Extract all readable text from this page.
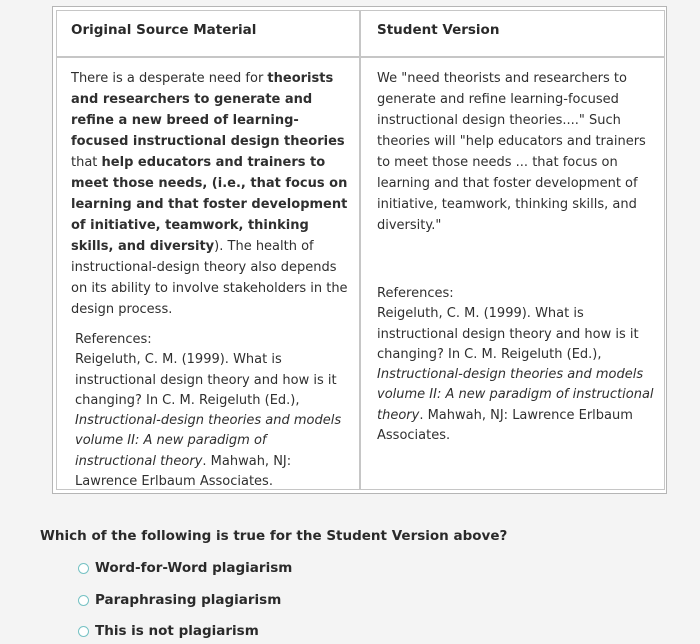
Original Source Material	Student Version
There is a desperate need for theorists and researchers to generate and refine a new breed of learning-focused instructional design theories that help educators and trainers to meet those needs, (i.e., that focus on learning and that foster development of initiative, teamwork, thinking skills, and diversity). The health of instructional-design theory also depends on its ability to involve stakeholders in the design process.
References:
Reigeluth, C. M. (1999). What is instructional design theory and how is it changing? In C. M. Reigeluth (Ed.), Instructional-design theories and models volume II: A new paradigm of instructional theory. Mahwah, NJ: Lawrence Erlbaum Associates.
We "need theorists and researchers to generate and refine learning-focused instructional design theories...." Such theories will "help educators and trainers to meet those needs ... that focus on learning and that foster development of initiative, teamwork, thinking skills, and diversity."
References:
Reigeluth, C. M. (1999). What is instructional design theory and how is it changing? In C. M. Reigeluth (Ed.), Instructional-design theories and models volume II: A new paradigm of instructional theory. Mahwah, NJ: Lawrence Erlbaum Associates.
Which of the following is true for the Student Version above?
Word-for-Word plagiarism
Paraphrasing plagiarism
This is not plagiarism
